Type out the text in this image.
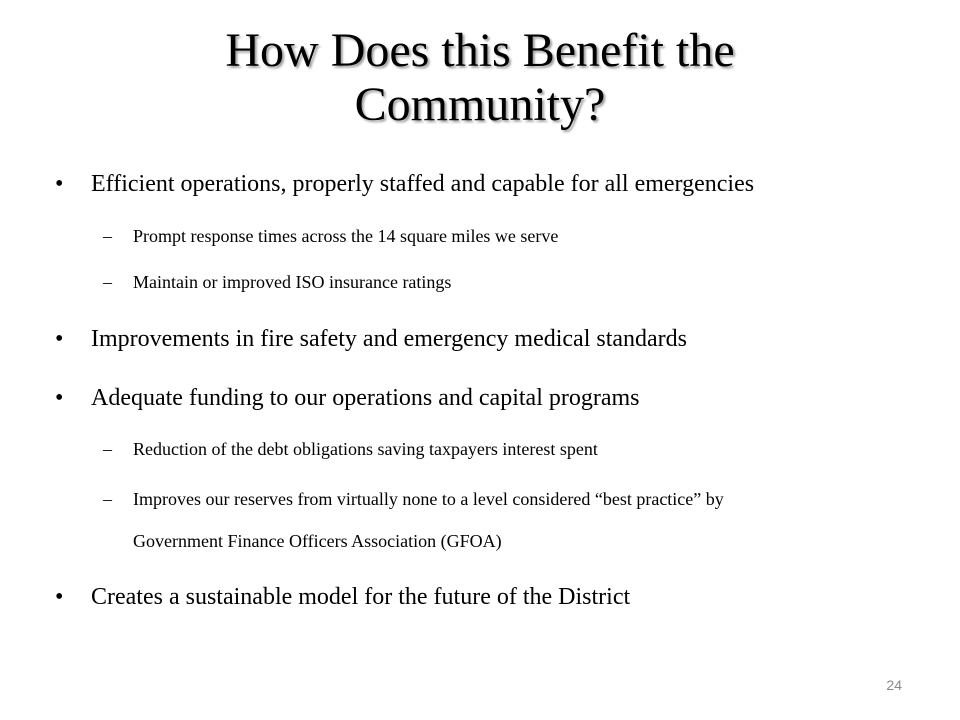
How Does this Benefit the
Community?
• Efficient operations, properly staffed and capable for all emergencies
– Prompt response times across the 14 square miles we serve
– Maintain or improved ISO insurance ratings
• Improvements in fire safety and emergency medical standards
• Adequate funding to our operations and capital programs
– Reduction of the debt obligations saving taxpayers interest spent
– Improves our reserves from virtually none to a level considered “best practice” by
Government Finance Officers Association (GFOA)
• Creates a sustainable model for the future of the District
24
